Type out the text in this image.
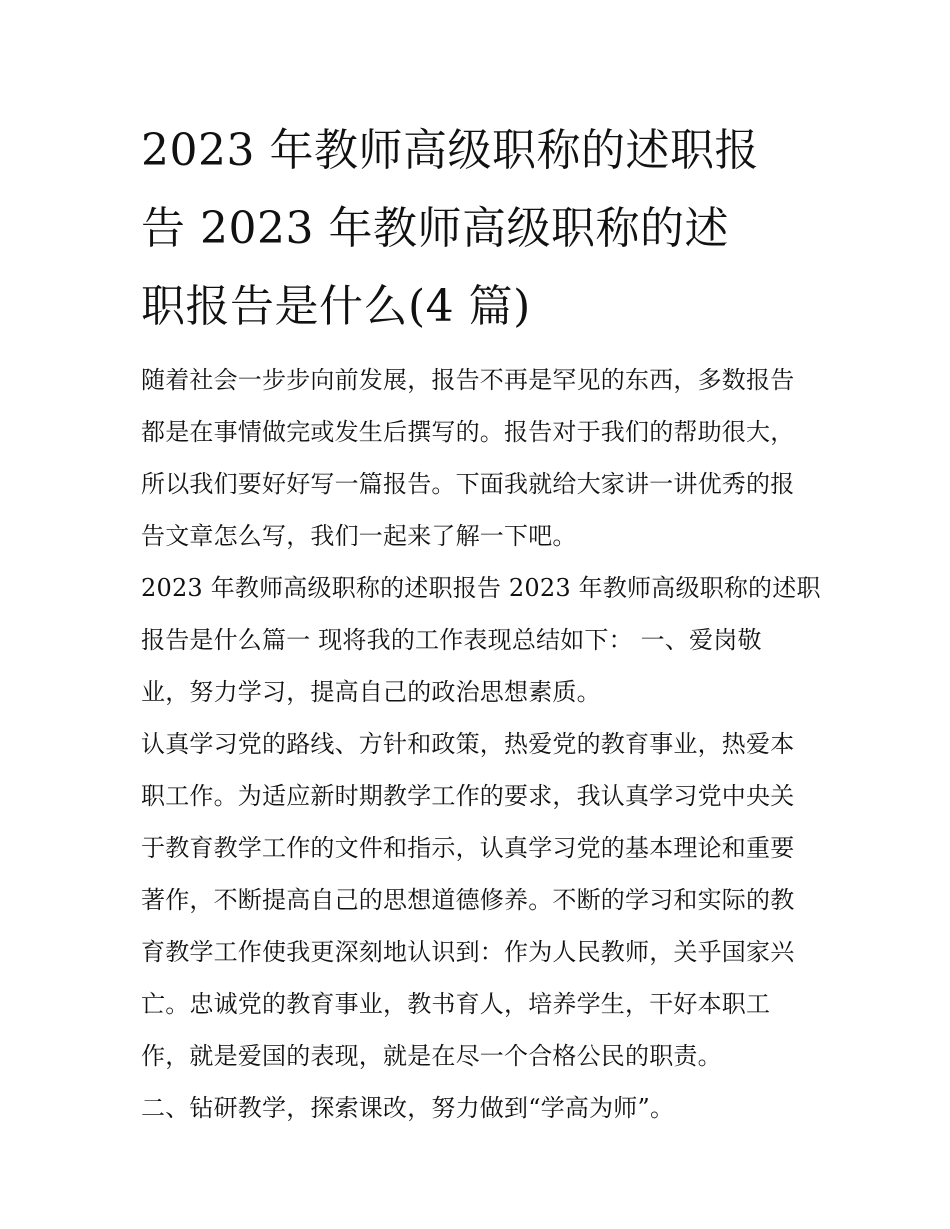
2023 年教师高级职称的述职报
告 2023 年教师高级职称的述
职报告是什么(4 篇)
随着社会一步步向前发展，报告不再是罕见的东西，多数报告
都是在事情做完或发生后撰写的。报告对于我们的帮助很大，
所以我们要好好写一篇报告。下面我就给大家讲一讲优秀的报
告文章怎么写，我们一起来了解一下吧。
2023 年教师高级职称的述职报告 2023 年教师高级职称的述职
报告是什么篇一 现将我的工作表现总结如下： 一、爱岗敬
业，努力学习，提高自己的政治思想素质。
认真学习党的路线、方针和政策，热爱党的教育事业，热爱本
职工作。为适应新时期教学工作的要求，我认真学习党中央关
于教育教学工作的文件和指示，认真学习党的基本理论和重要
著作，不断提高自己的思想道德修养。不断的学习和实际的教
育教学工作使我更深刻地认识到：作为人民教师，关乎国家兴
亡。忠诚党的教育事业，教书育人，培养学生，干好本职工
作，就是爱国的表现，就是在尽一个合格公民的职责。
二、钻研教学，探索课改，努力做到“学高为师”。
